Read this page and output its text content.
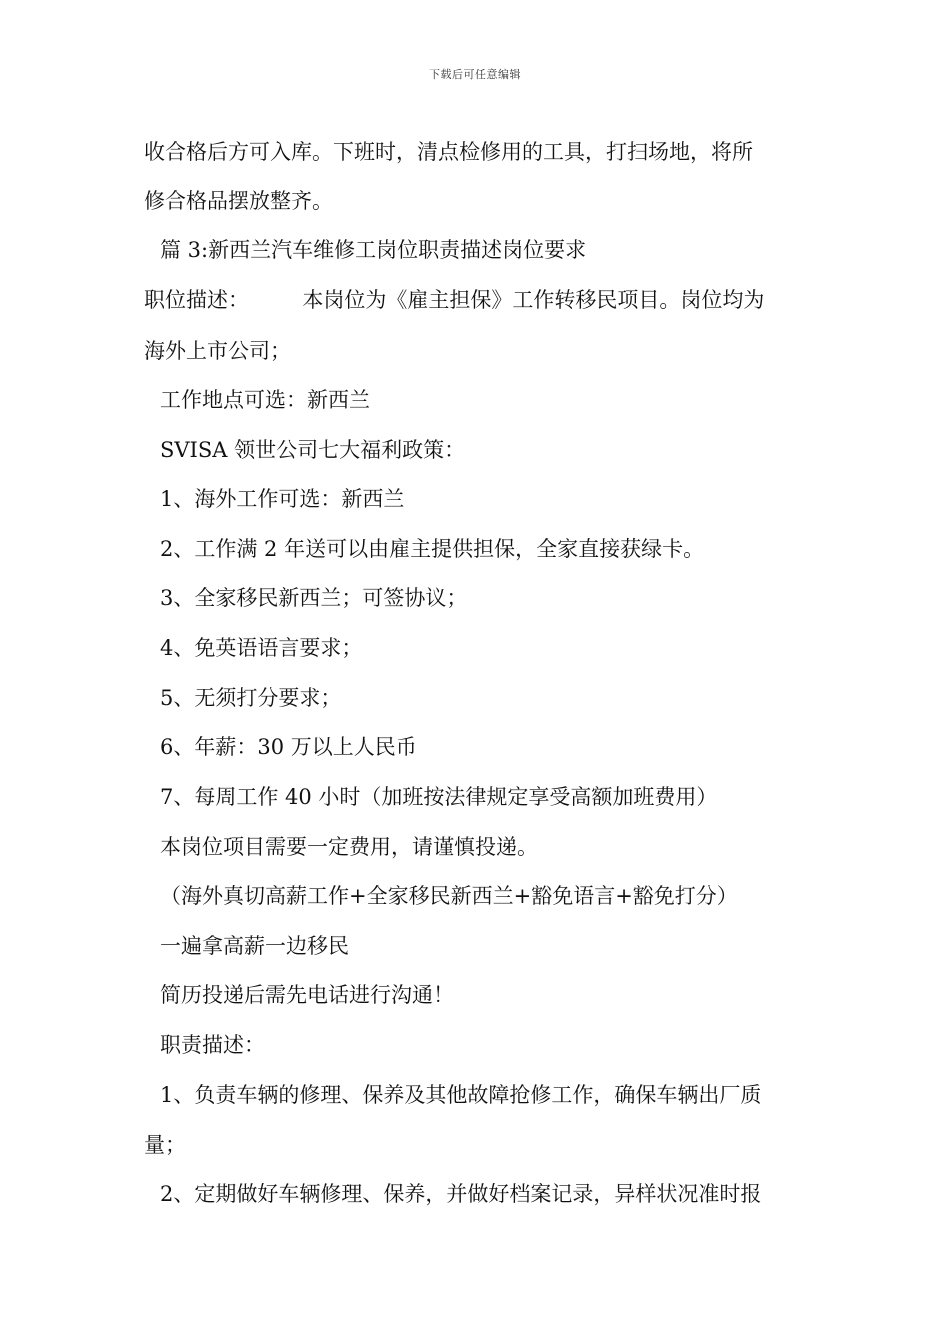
下载后可任意编辑
收合格后方可入库。下班时，清点检修用的工具，打扫场地，将所
修合格品摆放整齐。
篇 3:新西兰汽车维修工岗位职责描述岗位要求
职位描述：        本岗位为《雇主担保》工作转移民项目。岗位均为
海外上市公司；
工作地点可选：新西兰
SVISA 领世公司七大福利政策：
1、海外工作可选：新西兰
2、工作满 2 年送可以由雇主提供担保，全家直接获绿卡。
3、全家移民新西兰；可签协议；
4、免英语语言要求；
5、无须打分要求；
6、年薪：30 万以上人民币
7、每周工作 40 小时（加班按法律规定享受高额加班费用）
本岗位项目需要一定费用，请谨慎投递。
（海外真切高薪工作+全家移民新西兰+豁免语言+豁免打分）
一遍拿高薪一边移民
简历投递后需先电话进行沟通！
职责描述：
1、负责车辆的修理、保养及其他故障抢修工作，确保车辆出厂质
量；
2、定期做好车辆修理、保养，并做好档案记录，异样状况准时报
